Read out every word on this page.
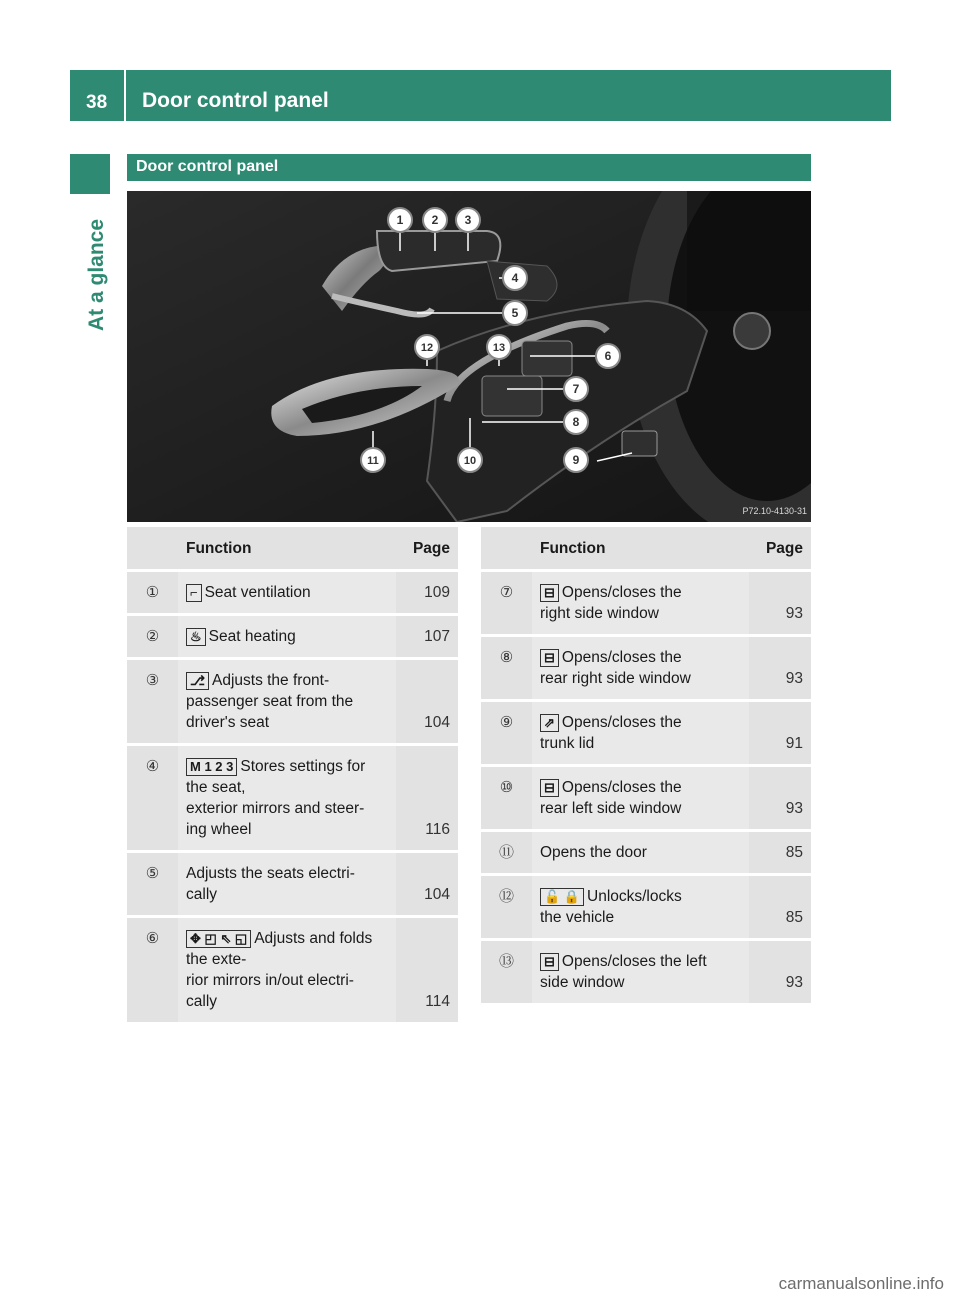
38 Door control panel
At a glance
Door control panel
1 2 3
4
5
6
7
8
9
10
11
12	13
P72.10-4130-31
	Function	Page
①	⌐ Seat ventilation	109
②	♨ Seat heating	107
③	⎇ Adjusts the front-
passenger seat from the
driver's seat	104
④	M 1 2 3 Stores settings for the seat,
exterior mirrors and steer-
ing wheel	116
⑤	Adjusts the seats electri-
cally	104
⑥	✥ ◰ ⇖ ◱ Adjusts and folds the exte-
rior mirrors in/out electri-
cally	114
	Function	Page
⑦	⊟ Opens/closes the
right side window	93
⑧	⊟ Opens/closes the
rear right side window	93
⑨	⇗ Opens/closes the
trunk lid	91
⑩	⊟ Opens/closes the
rear left side window	93
⑪	Opens the door	85
⑫	🔓 🔒 Unlocks/locks
the vehicle	85
⑬	⊟ Opens/closes the left
side window	93
carmanualsonline.info
